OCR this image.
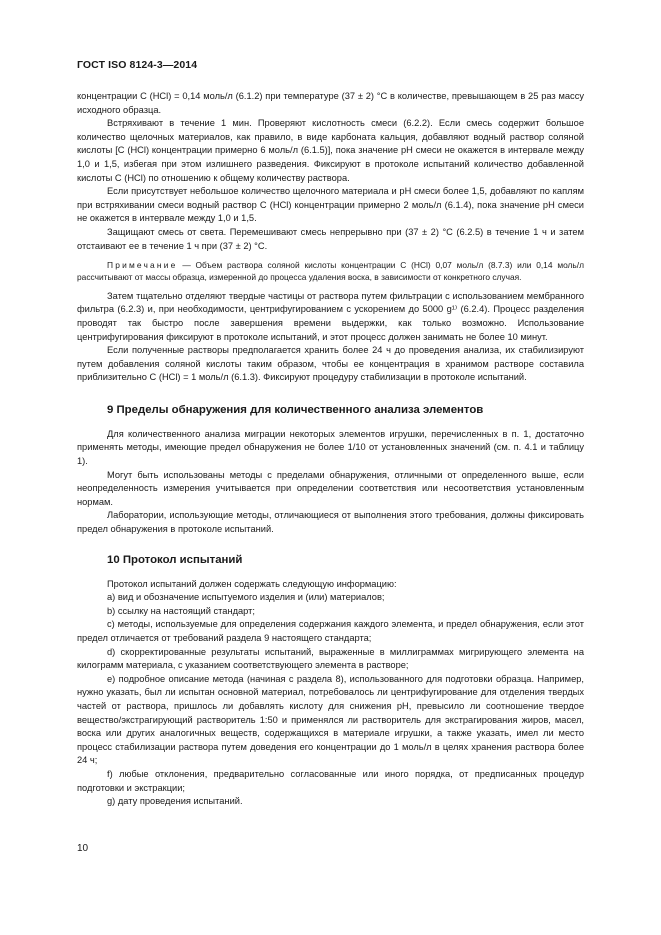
ГОСТ ISO 8124-3—2014

концентрации C (HCl) = 0,14 моль/л (6.1.2) при температуре (37 ± 2) °C в количестве, превышающем в 25 раз массу исходного образца.

Встряхивают в течение 1 мин. Проверяют кислотность смеси (6.2.2). Если смесь содержит большое количество щелочных материалов, как правило, в виде карбоната кальция, добавляют водный раствор соляной кислоты [C (HCl) концентрации примерно 6 моль/л (6.1.5)], пока значение pH смеси не окажется в интервале между 1,0 и 1,5, избегая при этом излишнего разведения. Фиксируют в протоколе испытаний количество добавленной кислоты C (HCl) по отношению к общему количеству раствора.

Если присутствует небольшое количество щелочного материала и pH смеси более 1,5, добавляют по каплям при встряхивании смеси водный раствор C (HCl) концентрации примерно 2 моль/л (6.1.4), пока значение pH смеси не окажется в интервале между 1,0 и 1,5.

Защищают смесь от света. Перемешивают смесь непрерывно при (37 ± 2) °C (6.2.5) в течение 1 ч и затем отстаивают ее в течение 1 ч при (37 ± 2) °C.

Примечание — Объем раствора соляной кислоты концентрации C (HCl) 0,07 моль/л (8.7.3) или 0,14 моль/л рассчитывают от массы образца, измеренной до процесса удаления воска, в зависимости от конкретного случая.

Затем тщательно отделяют твердые частицы от раствора путем фильтрации с использованием мембранного фильтра (6.2.3) и, при необходимости, центрифугированием с ускорением до 5000 g¹⁾ (6.2.4). Процесс разделения проводят так быстро после завершения времени выдержки, как только возможно. Использование центрифугирования фиксируют в протоколе испытаний, и этот процесс должен занимать не более 10 минут.

Если полученные растворы предполагается хранить более 24 ч до проведения анализа, их стабилизируют путем добавления соляной кислоты таким образом, чтобы ее концентрация в хранимом растворе составила приблизительно C (HCl) = 1 моль/л (6.1.3). Фиксируют процедуру стабилизации в протоколе испытаний.

9 Пределы обнаружения для количественного анализа элементов

Для количественного анализа миграции некоторых элементов игрушки, перечисленных в п. 1, достаточно применять методы, имеющие предел обнаружения не более 1/10 от установленных значений (см. п. 4.1 и таблицу 1).

Могут быть использованы методы с пределами обнаружения, отличными от определенного выше, если неопределенность измерения учитывается при определении соответствия или несоответствия установленным нормам.

Лаборатории, использующие методы, отличающиеся от выполнения этого требования, должны фиксировать предел обнаружения в протоколе испытаний.

10 Протокол испытаний

Протокол испытаний должен содержать следующую информацию:

a) вид и обозначение испытуемого изделия и (или) материалов;

b) ссылку на настоящий стандарт;

c) методы, используемые для определения содержания каждого элемента, и предел обнаружения, если этот предел отличается от требований раздела 9 настоящего стандарта;

d) скорректированные результаты испытаний, выраженные в миллиграммах мигрирующего элемента на килограмм материала, с указанием соответствующего элемента в растворе;

e) подробное описание метода (начиная с раздела 8), использованного для подготовки образца. Например, нужно указать, был ли испытан основной материал, потребовалось ли центрифугирование для отделения твердых частей от раствора, пришлось ли добавлять кислоту для снижения pH, превысило ли соотношение твердое вещество/экстрагирующий растворитель 1:50 и применялся ли растворитель для экстрагирования жиров, масел, воска или других аналогичных веществ, содержащихся в материале игрушки, а также указать, имел ли место процесс стабилизации раствора путем доведения его концентрации до 1 моль/л в целях хранения раствора более 24 ч;

f) любые отклонения, предварительно согласованные или иного порядка, от предписанных процедур подготовки и экстракции;

g) дату проведения испытаний.

10
